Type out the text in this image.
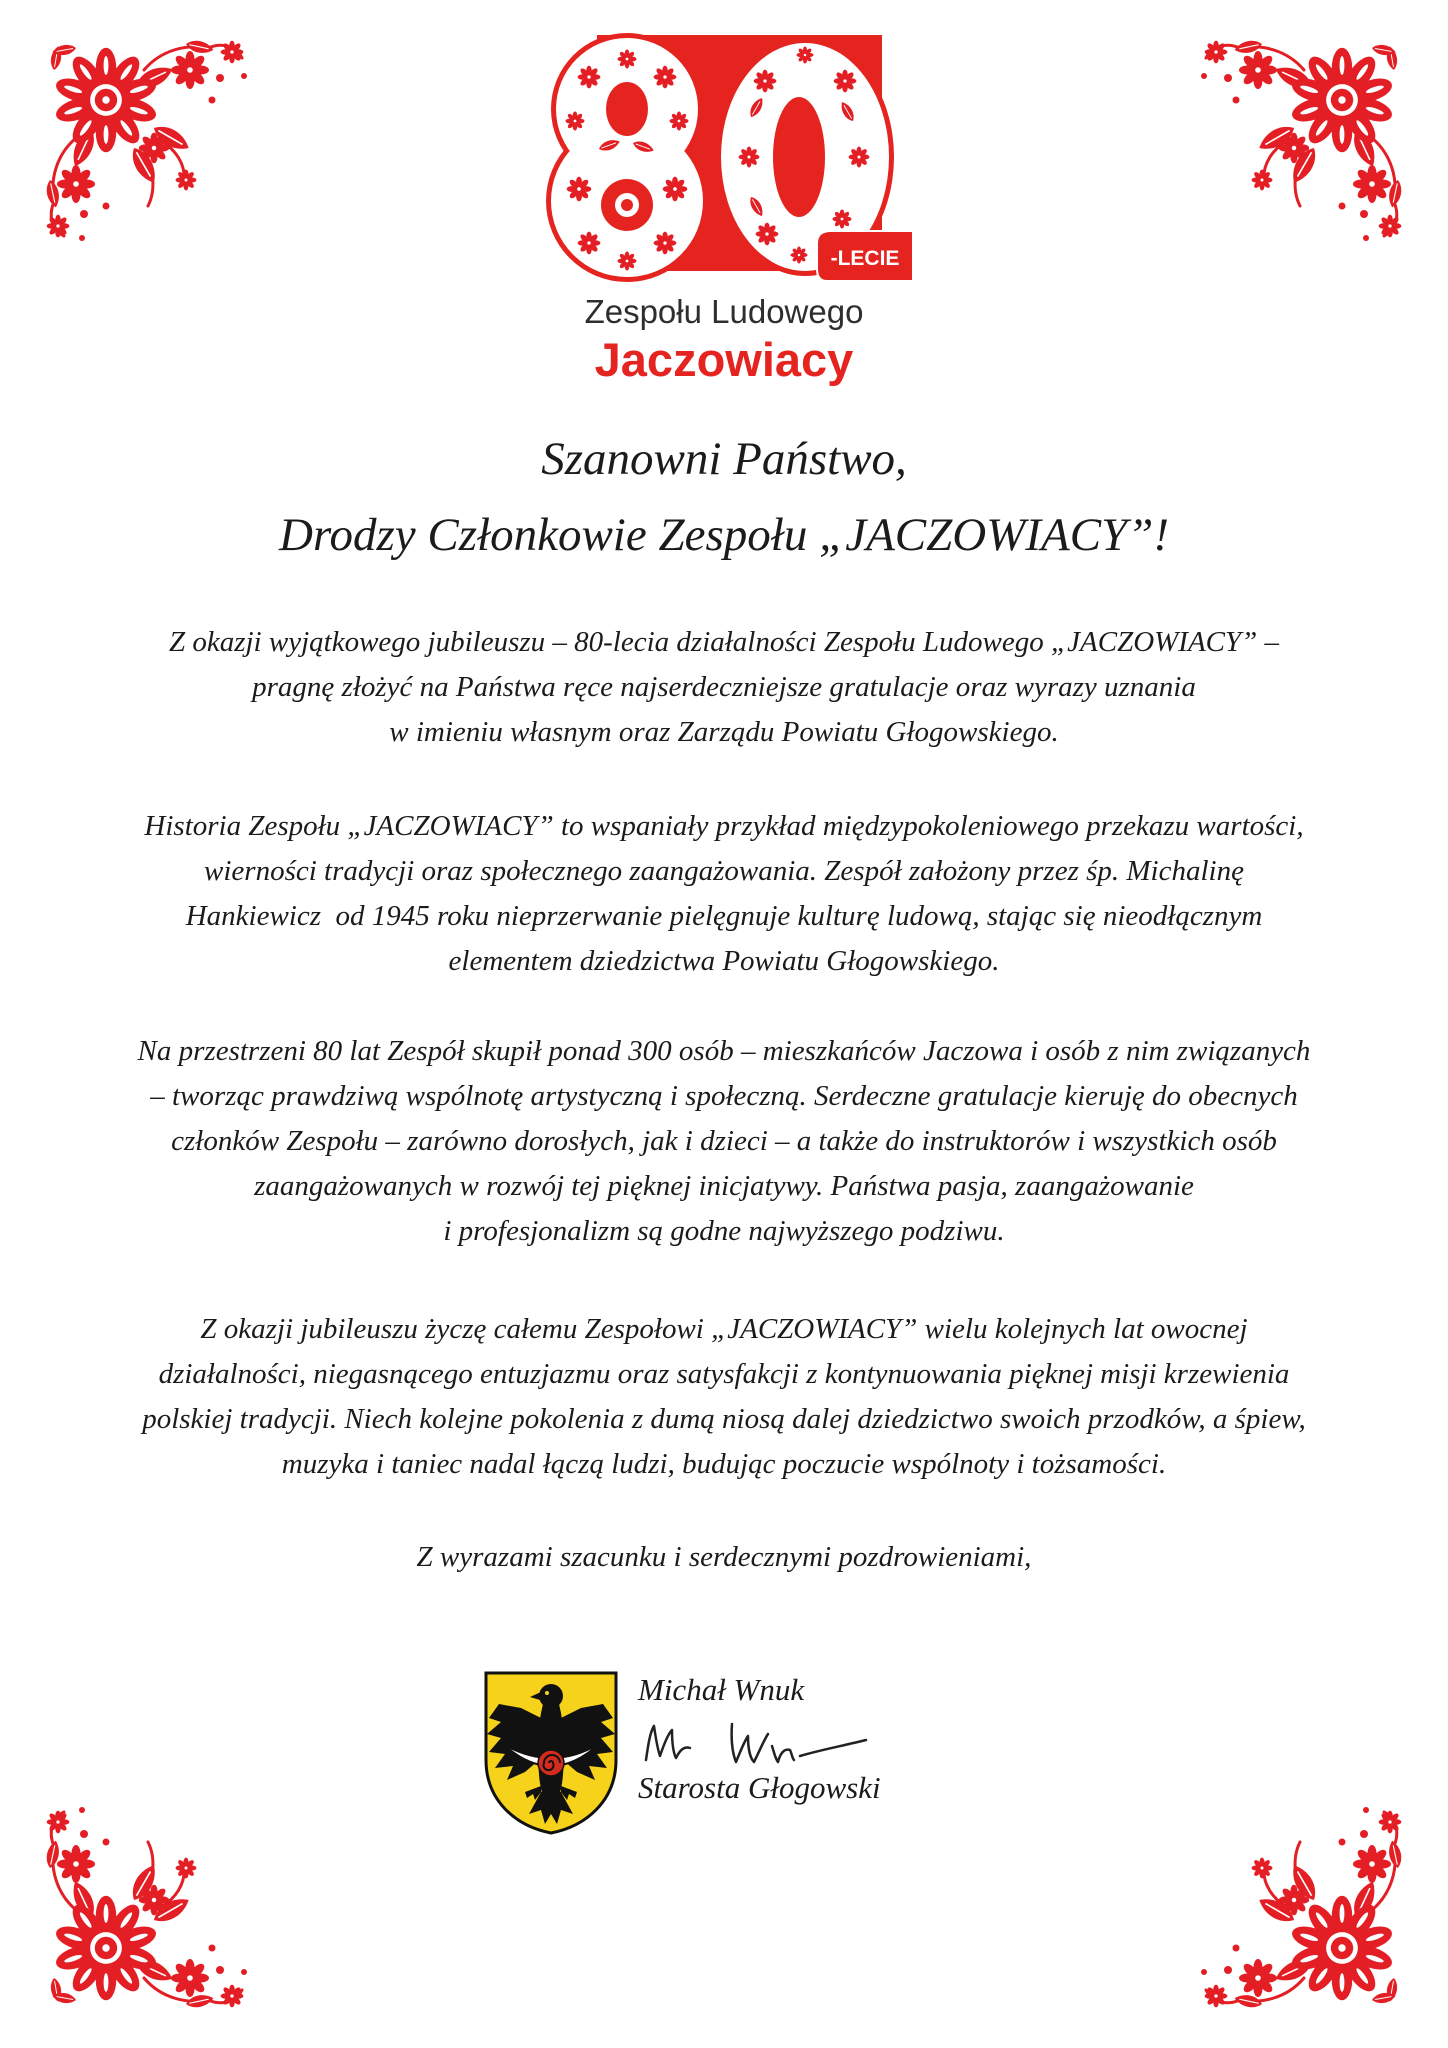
-LECIE
Zespołu Ludowego
Jaczowiacy
Szanowni Państwo,
Drodzy Członkowie Zespołu „JACZOWIACY”!
Z okazji wyjątkowego jubileuszu – 80-lecia działalności Zespołu Ludowego „JACZOWIACY” –
pragnę złożyć na Państwa ręce najserdeczniejsze gratulacje oraz wyrazy uznania
w imieniu własnym oraz Zarządu Powiatu Głogowskiego.
Historia Zespołu „JACZOWIACY” to wspaniały przykład międzypokoleniowego przekazu wartości,
wierności tradycji oraz społecznego zaangażowania. Zespół założony przez śp. Michalinę
Hankiewicz  od 1945 roku nieprzerwanie pielęgnuje kulturę ludową, stając się nieodłącznym
elementem dziedzictwa Powiatu Głogowskiego.
Na przestrzeni 80 lat Zespół skupił ponad 300 osób – mieszkańców Jaczowa i osób z nim związanych
– tworząc prawdziwą wspólnotę artystyczną i społeczną. Serdeczne gratulacje kieruję do obecnych
członków Zespołu – zarówno dorosłych, jak i dzieci – a także do instruktorów i wszystkich osób
zaangażowanych w rozwój tej pięknej inicjatywy. Państwa pasja, zaangażowanie
i profesjonalizm są godne najwyższego podziwu.
Z okazji jubileuszu życzę całemu Zespołowi „JACZOWIACY” wielu kolejnych lat owocnej
działalności, niegasnącego entuzjazmu oraz satysfakcji z kontynuowania pięknej misji krzewienia
polskiej tradycji. Niech kolejne pokolenia z dumą niosą dalej dziedzictwo swoich przodków, a śpiew,
muzyka i taniec nadal łączą ludzi, budując poczucie wspólnoty i tożsamości.
Z wyrazami szacunku i serdecznymi pozdrowieniami,
Michał Wnuk
Starosta Głogowski
